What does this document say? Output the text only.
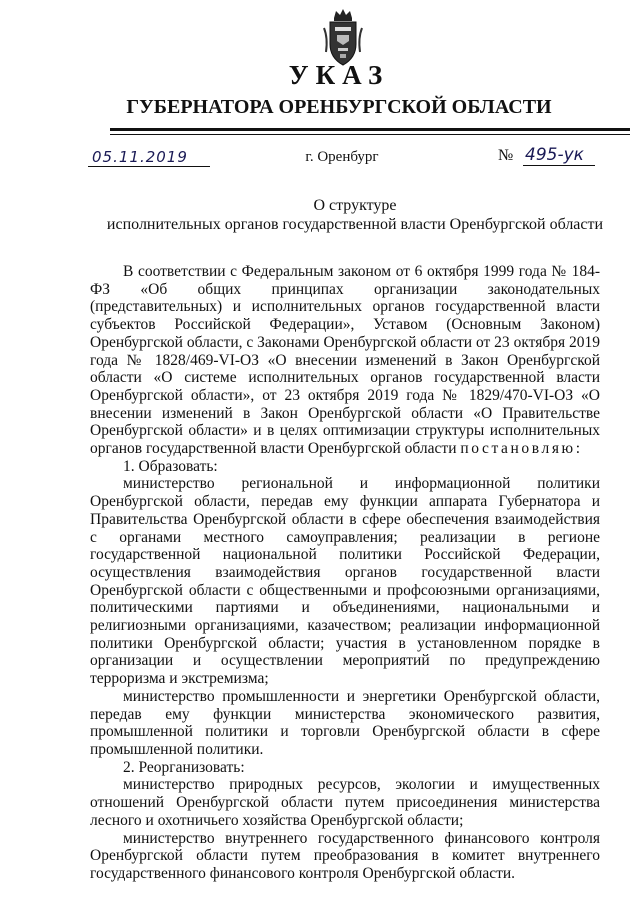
УКАЗ
ГУБЕРНАТОРА ОРЕНБУРГСКОЙ ОБЛАСТИ
05.11.2019	г. Оренбург	№ 495-ук
О структуре
исполнительных органов государственной власти Оренбургской области

В соответствии с Федеральным законом от 6 октября 1999 года № 184-ФЗ «Об общих принципах организации законодательных (представительных) и исполнительных органов государственной власти субъектов Российской Федерации», Уставом (Основным Законом) Оренбургской области, с Законами Оренбургской области от 23 октября 2019 года № 1828/469-VI-ОЗ «О внесении изменений в Закон Оренбургской области «О системе исполнительных органов государственной власти Оренбургской области», от 23 октября 2019 года № 1829/470-VI-ОЗ «О внесении изменений в Закон Оренбургской области «О Правительстве Оренбургской области» и в целях оптимизации структуры исполнительных органов государственной власти Оренбургской области постановляю:

1. Образовать:

министерство региональной и информационной политики Оренбургской области, передав ему функции аппарата Губернатора и Правительства Оренбургской области в сфере обеспечения взаимодействия с органами местного самоуправления; реализации в регионе государственной национальной политики Российской Федерации, осуществления взаимодействия органов государственной власти Оренбургской области с общественными и профсоюзными организациями, политическими партиями и объединениями, национальными и религиозными организациями, казачеством; реализации информационной политики Оренбургской области; участия в установленном порядке в организации и осуществлении мероприятий по предупреждению терроризма и экстремизма;

министерство промышленности и энергетики Оренбургской области, передав ему функции министерства экономического развития, промышленной политики и торговли Оренбургской области в сфере промышленной политики.

2. Реорганизовать:

министерство природных ресурсов, экологии и имущественных отношений Оренбургской области путем присоединения министерства лесного и охотничьего хозяйства Оренбургской области;

министерство внутреннего государственного финансового контроля Оренбургской области путем преобразования в комитет внутреннего государственного финансового контроля Оренбургской области.
